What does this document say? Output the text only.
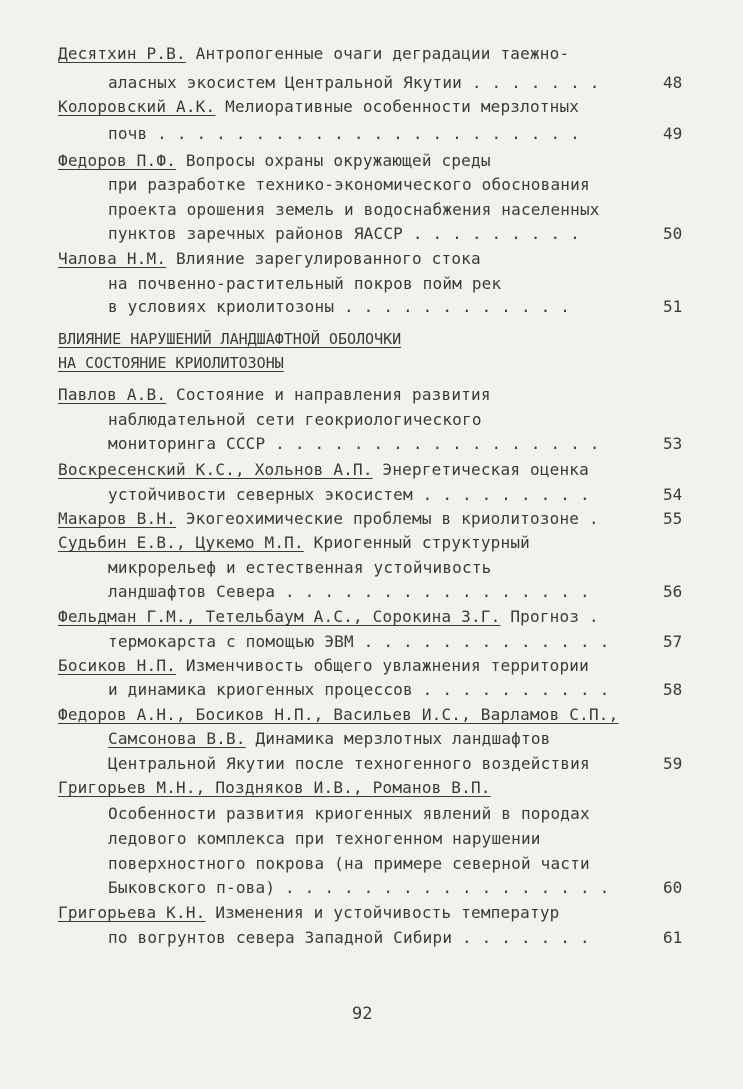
Десятхин Р.В. Антропогенные очаги деградации таежно-
аласных экосистем Центральной Якутии . . . . . . .	48
Колоровский А.К. Мелиоративные особенности мерзлотных
почв . . . . . . . . . . . . . . . . . . . . . .	49
Федоров П.Ф. Вопросы охраны окружающей среды
при разработке технико-экономического обоснования
проекта орошения земель и водоснабжения населенных
пунктов заречных районов ЯАССР . . . . . . . . .	50
Чалова Н.М. Влияние зарегулированного стока
на почвенно-растительный покров пойм рек
в условиях криолитозоны . . . . . . . . . . . .	51
ВЛИЯНИЕ НАРУШЕНИЙ ЛАНДШАФТНОЙ ОБОЛОЧКИ
НА СОСТОЯНИЕ КРИОЛИТОЗОНЫ
Павлов А.В. Состояние и направления развития
наблюдательной сети геокриологического
мониторинга СССР . . . . . . . . . . . . . . . . .	53
Воскресенский К.С., Хольнов А.П. Энергетическая оценка
устойчивости северных экосистем . . . . . . . . .	54
Макаров В.Н. Экогеохимические проблемы в криолитозоне .	55
Судьбин Е.В., Цукемо М.П. Криогенный структурный
микрорельеф и естественная устойчивость
ландшафтов Севера . . . . . . . . . . . . . . . .	56
Фельдман Г.М., Тетельбаум А.С., Сорокина З.Г. Прогноз .
термокарста с помощью ЭВМ . . . . . . . . . . . . .	57
Босиков Н.П. Изменчивость общего увлажнения территории
и динамика криогенных процессов . . . . . . . . . .	58
Федоров А.Н., Босиков Н.П., Васильев И.С., Варламов С.П.,
Самсонова В.В. Динамика мерзлотных ландшафтов
Центральной Якутии после техногенного воздействия	59
Григорьев М.Н., Поздняков И.В., Романов В.П.
Особенности развития криогенных явлений в породах
ледового комплекса при техногенном нарушении
поверхностного покрова (на примере северной части
Быковского п-ова) . . . . . . . . . . . . . . . . .	60
Григорьева К.Н. Изменения и устойчивость температур
по вогрунтов севера Западной Сибири . . . . . . .	61
92
